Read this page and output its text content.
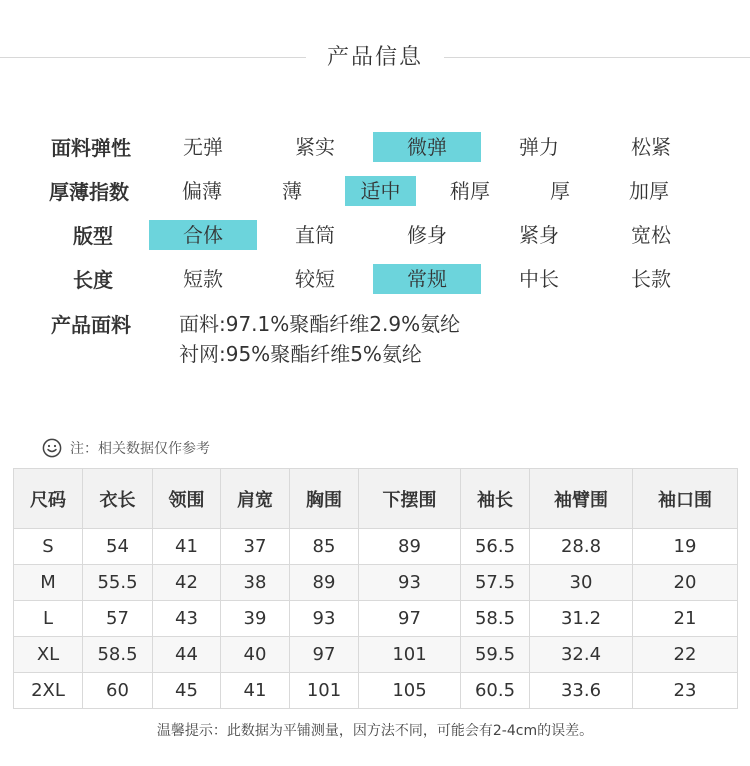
产品信息
面料弹性	无弹	紧实	微弹	弹力	松紧
厚薄指数	偏薄	薄	适中	稍厚	厚	加厚
版型	合体	直筒	修身	紧身	宽松
长度	短款	较短	常规	中长	长款
产品面料 面料:97.1%聚酯纤维2.9%氨纶
衬网:95%聚酯纤维5%氨纶
注：相关数据仅作参考
尺码	衣长	领围	肩宽	胸围	下摆围	袖长	袖臂围	袖口围
S	54	41	37	85	89	56.5	28.8	19
M	55.5	42	38	89	93	57.5	30	20
L	57	43	39	93	97	58.5	31.2	21
XL	58.5	44	40	97	101	59.5	32.4	22
2XL	60	45	41	101	105	60.5	33.6	23
温馨提示：此数据为平铺测量，因方法不同，可能会有2-4cm的误差。
